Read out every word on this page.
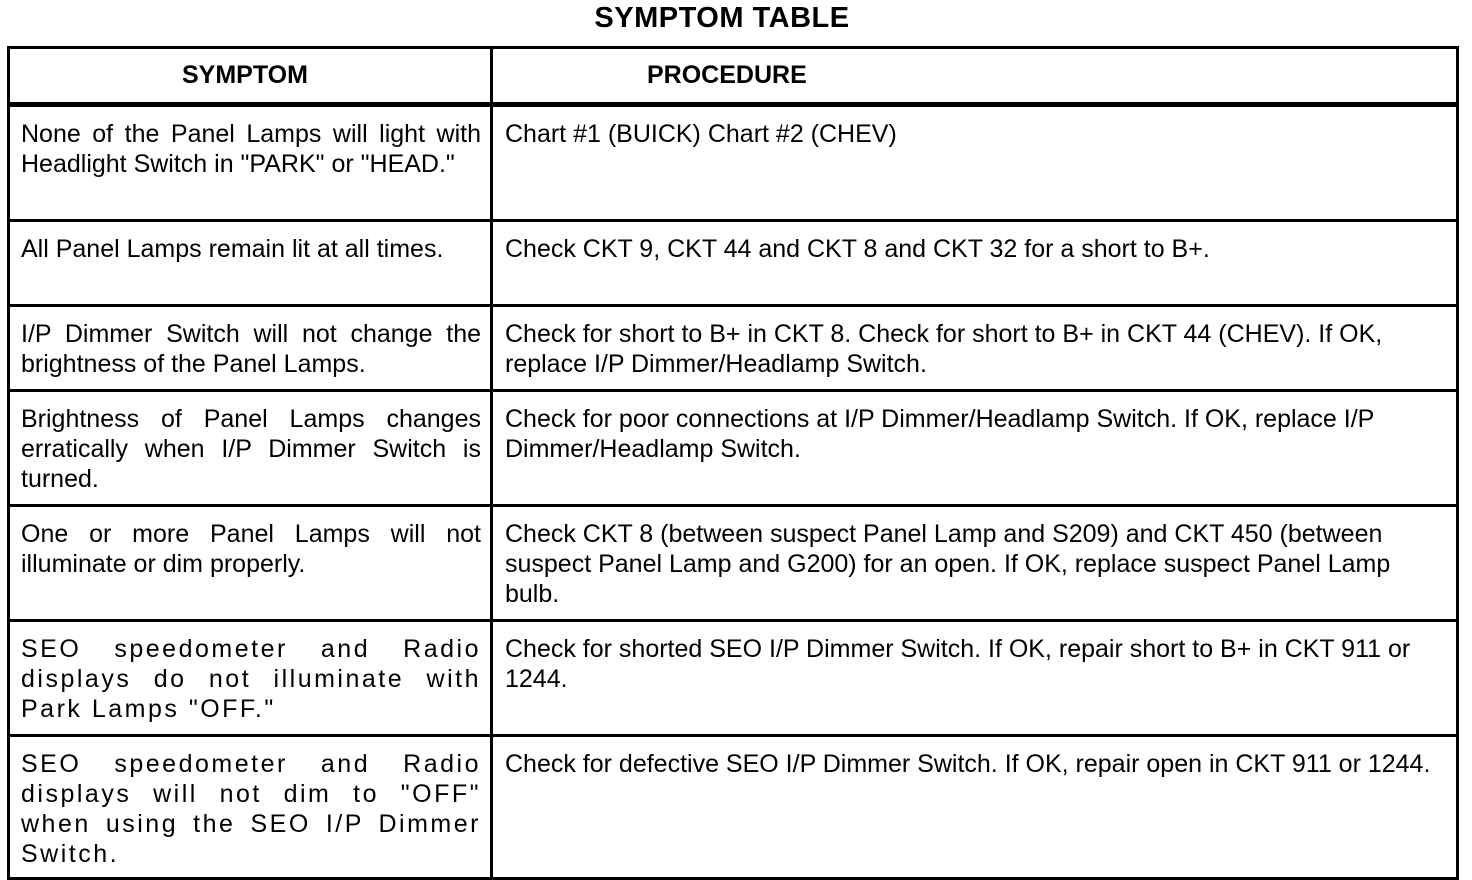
SYMPTOM TABLE
SYMPTOM	PROCEDURE
None of the Panel Lamps will light with Headlight Switch in "PARK" or "HEAD."	Chart #1 (BUICK) Chart #2 (CHEV)
All Panel Lamps remain lit at all times.	Check CKT 9, CKT 44 and CKT 8 and CKT 32 for a short to B+.
I/P Dimmer Switch will not change the brightness of the Panel Lamps.	Check for short to B+ in CKT 8. Check for short to B+ in CKT 44 (CHEV). If OK, replace I/P Dimmer/Headlamp Switch.
Brightness of Panel Lamps changes erratically when I/P Dimmer Switch is turned.	Check for poor connections at I/P Dimmer/Headlamp Switch. If OK, replace I/P Dimmer/Headlamp Switch.
One or more Panel Lamps will not illuminate or dim properly.	Check CKT 8 (between suspect Panel Lamp and S209) and CKT 450 (between suspect Panel Lamp and G200) for an open. If OK, replace suspect Panel Lamp bulb.
SEO speedometer and Radio displays do not illuminate with Park Lamps "OFF."	Check for shorted SEO I/P Dimmer Switch. If OK, repair short to B+ in CKT 911 or 1244.
SEO speedometer and Radio displays will not dim to "OFF" when using the SEO I/P Dimmer Switch.	Check for defective SEO I/P Dimmer Switch. If OK, repair open in CKT 911 or 1244.
